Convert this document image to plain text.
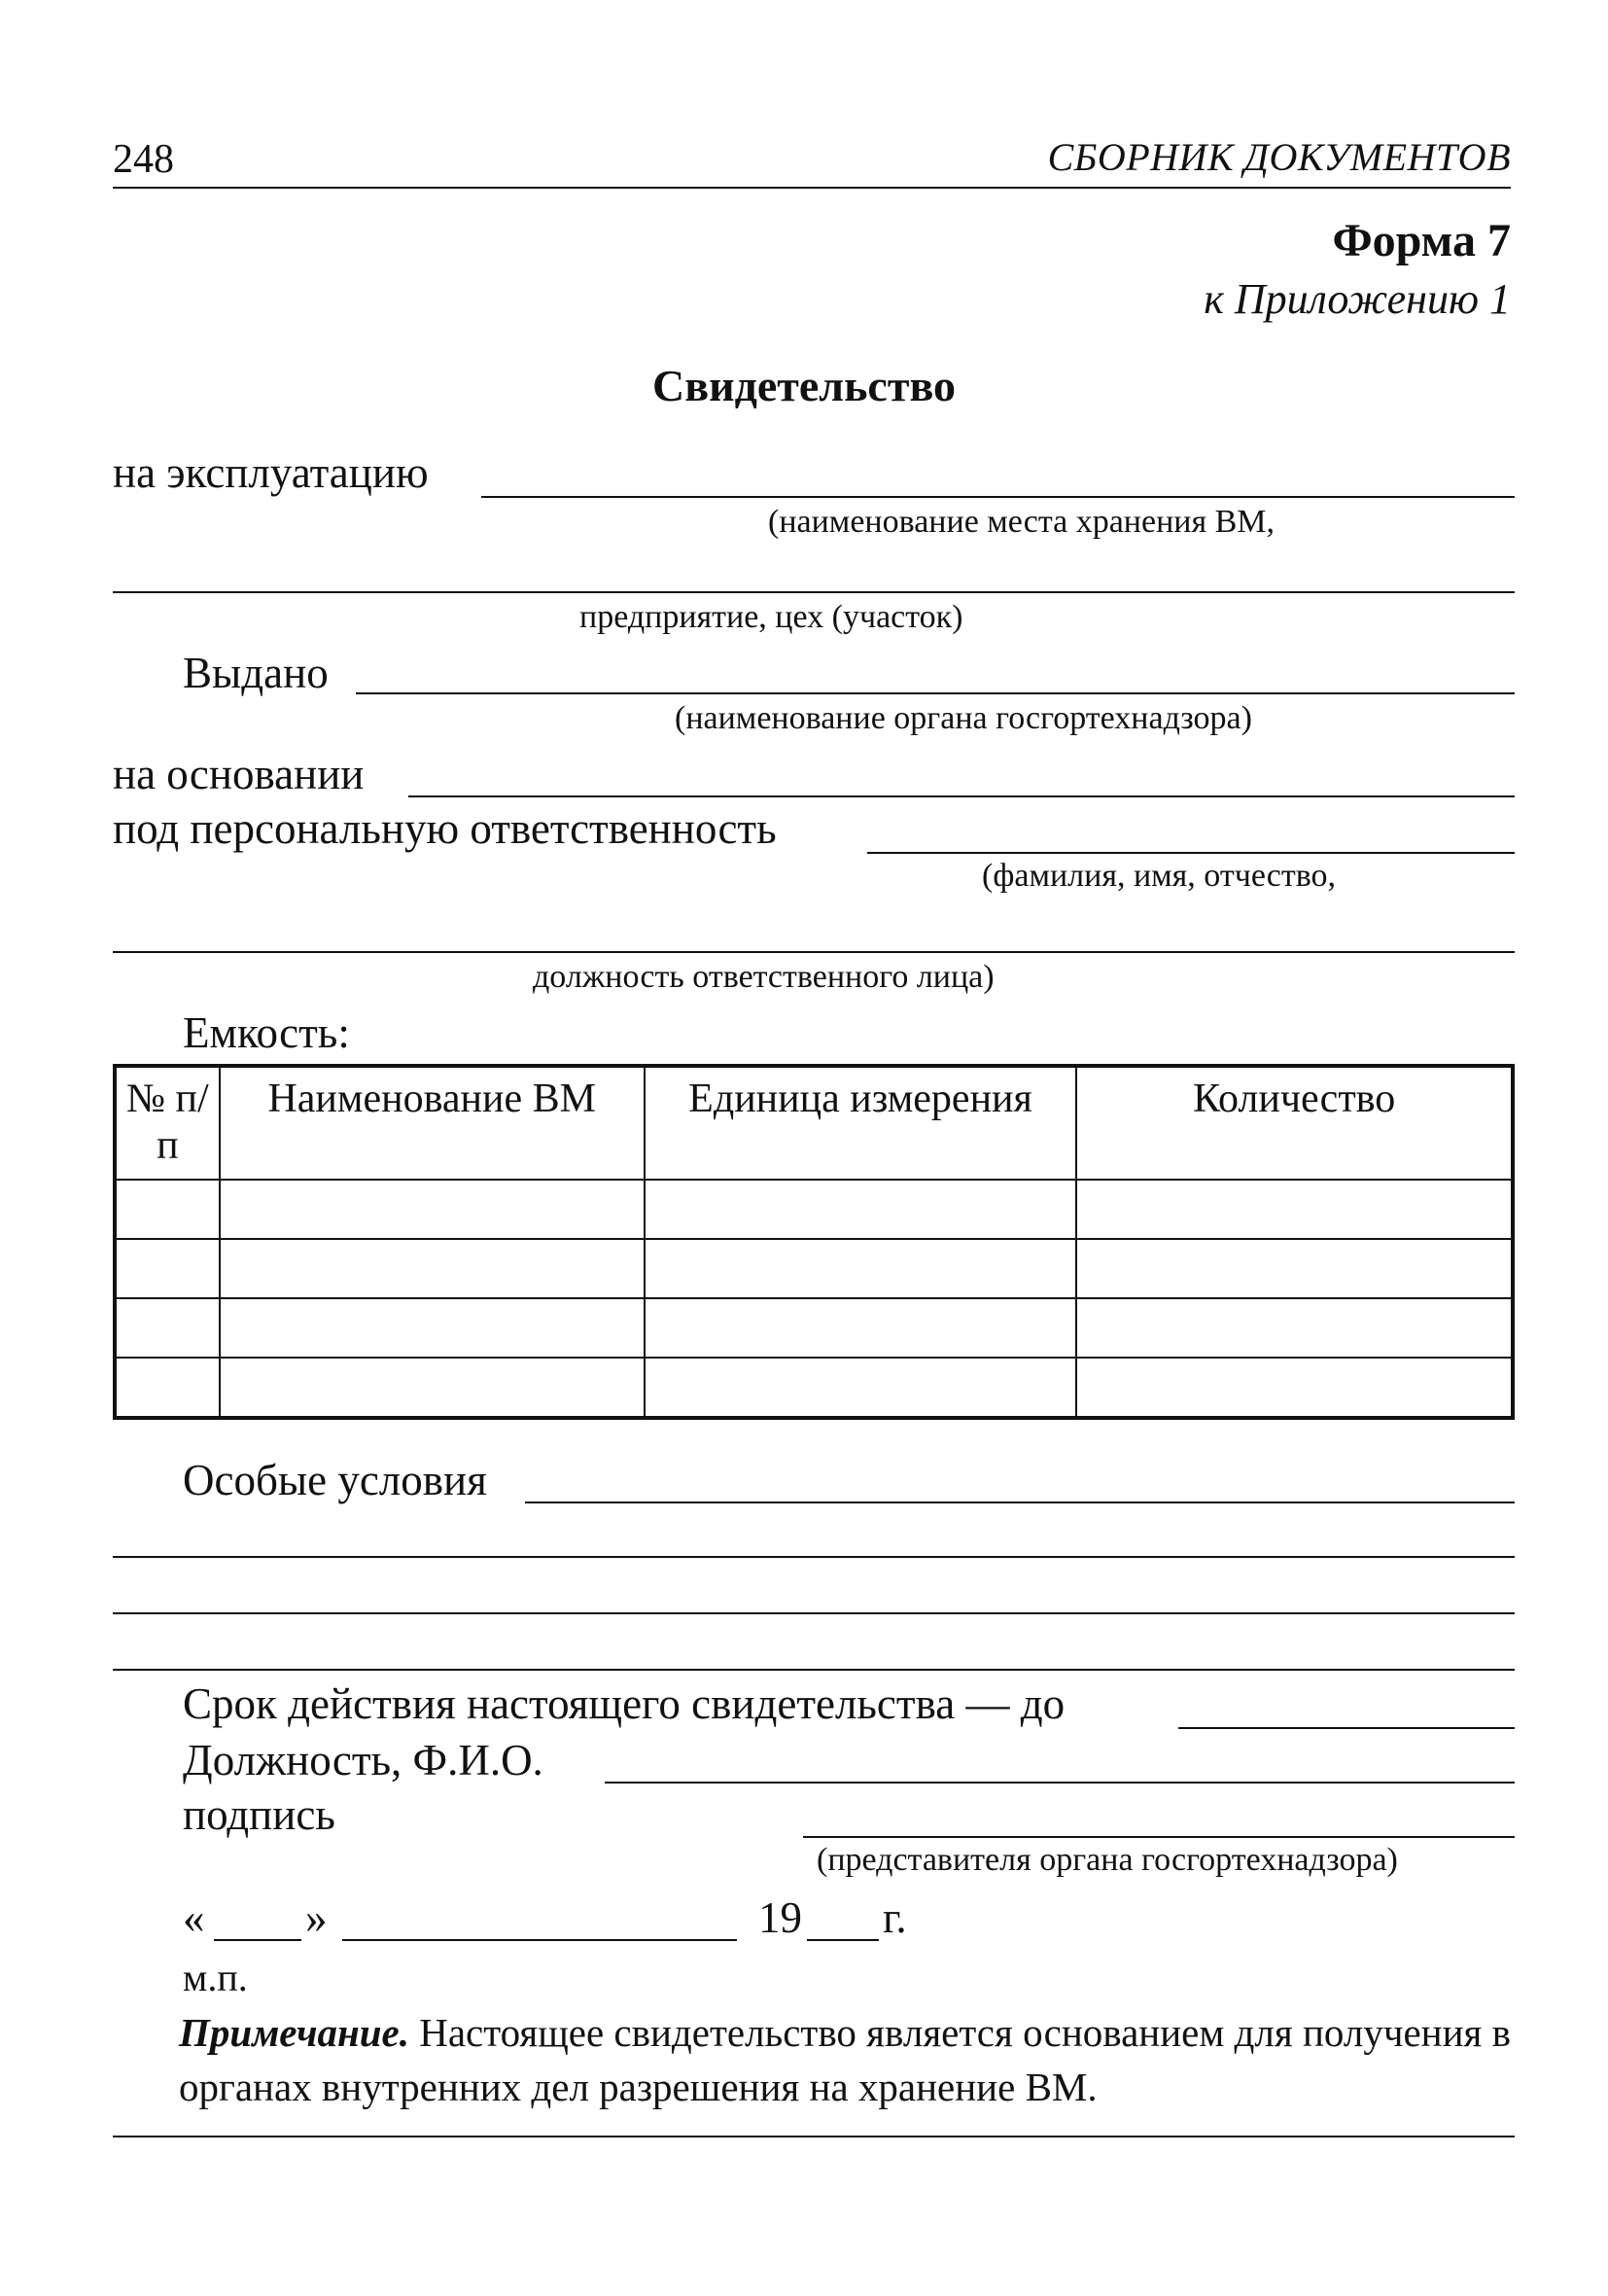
248	СБОРНИК ДОКУМЕНТОВ
Форма 7
к Приложению 1
Свидетельство
на эксплуатацию
(наименование места хранения ВМ,
предприятие, цех (участок)
Выдано
(наименование органа госгортехнадзора)
на основании
под персональную ответственность
(фамилия, имя, отчество,
должность ответственного лица)
Емкость:
№ п/п	Наименование ВМ	Единица измерения	Количество

Особые условия
Срок действия настоящего свидетельства — до
Должность, Ф.И.О.
подпись
(представителя органа госгортехнадзора)
« »	19 г.
м.п.
Примечание. Настоящее свидетельство является основанием для получения в органах внутренних дел разрешения на хранение ВМ.
